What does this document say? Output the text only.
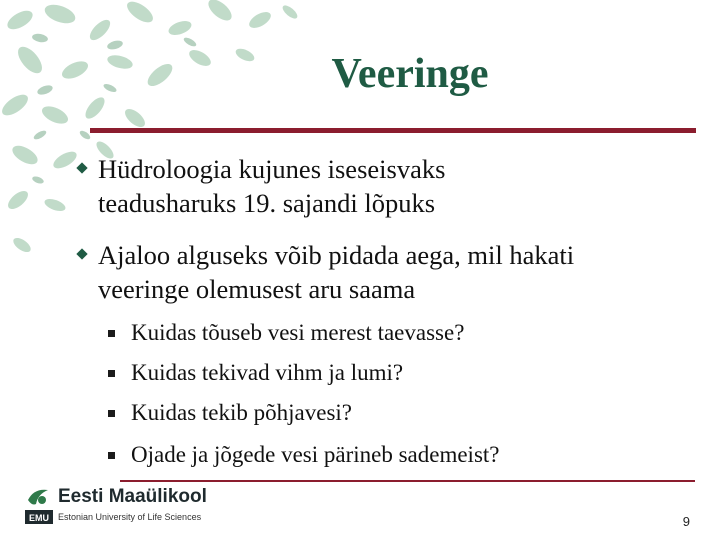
Veeringe
Hüdroloogia kujunes iseseisvaks
teadusharuks 19. sajandi lõpuks
Ajaloo alguseks võib pidada aega, mil hakati
veeringe olemusest aru saama
Kuidas tõuseb vesi merest taevasse?
Kuidas tekivad vihm ja lumi?
Kuidas tekib põhjavesi?
Ojade ja jõgede vesi pärineb sademeist?
EMU
Eesti Maaülikool
Estonian University of Life Sciences	9
